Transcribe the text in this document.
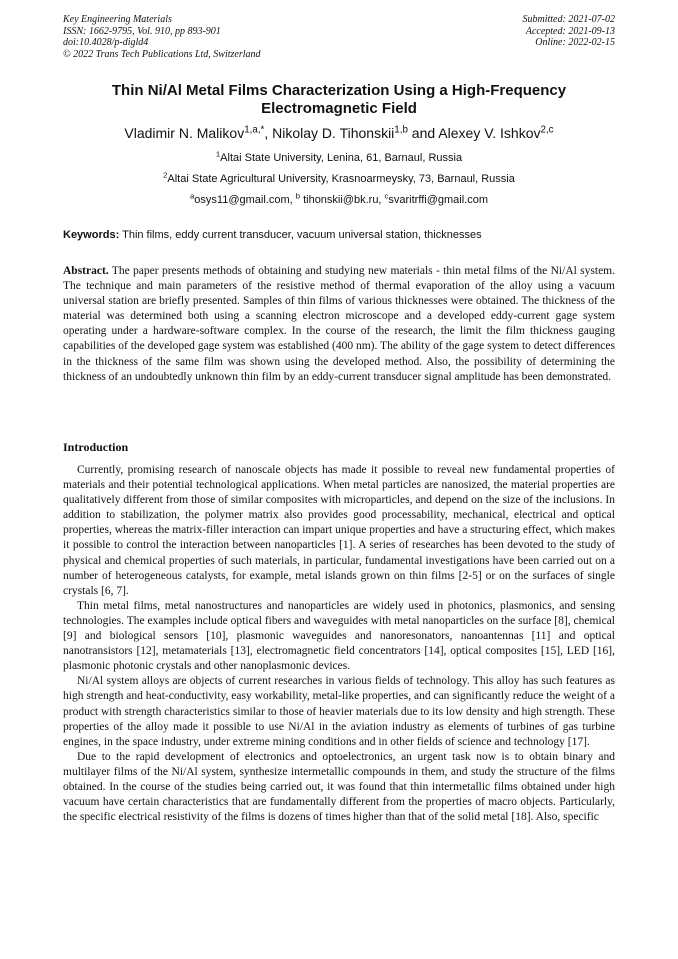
Key Engineering Materials
ISSN: 1662-9795, Vol. 910, pp 893-901
doi:10.4028/p-digld4
© 2022 Trans Tech Publications Ltd, Switzerland
Submitted: 2021-07-02
Accepted: 2021-09-13
Online: 2022-02-15
Thin Ni/Al Metal Films Characterization Using a High-Frequency Electromagnetic Field
Vladimir N. Malikov$^{1,a,*}$, Nikolay D. Tihonskii$^{1,b}$ and Alexey V. Ishkov$^{2,c}$
$^1$Altai State University, Lenina, 61, Barnaul, Russia
$^2$Altai State Agricultural University, Krasnoarmeysky, 73, Barnaul, Russia
$^a$osys11@gmail.com, $^b$ tihonskii@bk.ru, $^c$svaritrffi@gmail.com
Keywords: Thin films, eddy current transducer, vacuum universal station, thicknesses

Abstract. The paper presents methods of obtaining and studying new materials - thin metal films of the Ni/Al system. The technique and main parameters of the resistive method of thermal evaporation of the alloy using a vacuum universal station are briefly presented. Samples of thin films of various thicknesses were obtained. The thickness of the material was determined both using a scanning electron microscope and a developed eddy-current gage system operating under a hardware-software complex. In the course of the research, the limit the film thickness gauging capabilities of the developed gage system was established (400 nm). The ability of the gage system to detect differences in the thickness of the same film was shown using the developed method. Also, the possibility of determining the thickness of an undoubtedly unknown thin film by an eddy-current transducer signal amplitude has been demonstrated.

Introduction

Currently, promising research of nanoscale objects has made it possible to reveal new fundamental properties of materials and their potential technological applications. When metal particles are nanosized, the material properties are qualitatively different from those of similar composites with microparticles, and depend on the size of the inclusions. In addition to stabilization, the polymer matrix also provides good processability, mechanical, electrical and optical properties, whereas the matrix-filler interaction can impart unique properties and have a structuring effect, which makes it possible to control the interaction between nanoparticles [1]. A series of researches has been devoted to the study of physical and chemical properties of such materials, in particular, fundamental investigations have been carried out on a number of heterogeneous catalysts, for example, metal islands grown on thin films [2-5] or on the surfaces of single crystals [6, 7].

Thin metal films, metal nanostructures and nanoparticles are widely used in photonics, plasmonics, and sensing technologies. The examples include optical fibers and waveguides with metal nanoparticles on the surface [8], chemical [9] and biological sensors [10], plasmonic waveguides and nanoresonators, nanoantennas [11] and optical nanotransistors [12], metamaterials [13], electromagnetic field concentrators [14], optical composites [15], LED [16], plasmonic photonic crystals and other nanoplasmonic devices.

Ni/Al system alloys are objects of current researches in various fields of technology. This alloy has such features as high strength and heat-conductivity, easy workability, metal-like properties, and can significantly reduce the weight of a product with strength characteristics similar to those of heavier materials due to its low density and high strength. These properties of the alloy made it possible to use Ni/Al in the aviation industry as elements of turbines of gas turbine engines, in the space industry, under extreme mining conditions and in other fields of science and technology [17].

Due to the rapid development of electronics and optoelectronics, an urgent task now is to obtain binary and multilayer films of the Ni/Al system, synthesize intermetallic compounds in them, and study the structure of the films obtained. In the course of the studies being carried out, it was found that thin intermetallic films obtained under high vacuum have certain characteristics that are fundamentally different from the properties of macro objects. Particularly, the specific electrical resistivity of the films is dozens of times higher than that of the solid metal [18]. Also, specific
